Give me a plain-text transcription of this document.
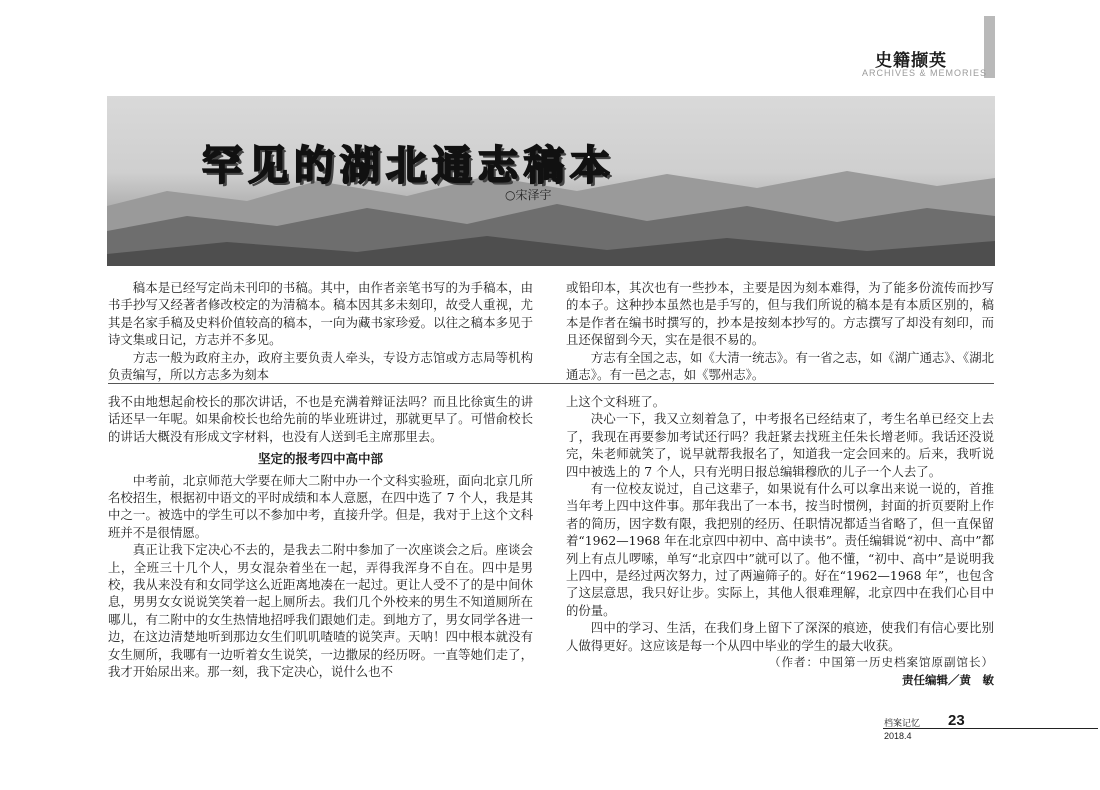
史籍撷英
ARCHIVES & MEMORIES
罕见的湖北通志稿本
○宋泽宇

稿本是已经写定尚未刊印的书稿。其中，由作者亲笔书写的为手稿本，由书手抄写又经著者修改校定的为清稿本。稿本因其多未刻印，故受人重视，尤其是名家手稿及史料价值较高的稿本，一向为藏书家珍爱。以往之稿本多见于诗文集或日记，方志并不多见。

方志一般为政府主办，政府主要负责人牵头，专设方志馆或方志局等机构负责编写，所以方志多为刻本

或铅印本，其次也有一些抄本，主要是因为刻本难得，为了能多份流传而抄写的本子。这种抄本虽然也是手写的，但与我们所说的稿本是有本质区别的，稿本是作者在编书时撰写的，抄本是按刻本抄写的。方志撰写了却没有刻印，而且还保留到今天，实在是很不易的。

方志有全国之志，如《大清一统志》。有一省之志，如《湖广通志》、《湖北通志》。有一邑之志，如《鄂州志》。

我不由地想起俞校长的那次讲话，不也是充满着辩证法吗？而且比徐寅生的讲话还早一年呢。如果俞校长也给先前的毕业班讲过，那就更早了。可惜俞校长的讲话大概没有形成文字材料，也没有人送到毛主席那里去。

坚定的报考四中高中部

中考前，北京师范大学要在师大二附中办一个文科实验班，面向北京几所名校招生，根据初中语文的平时成绩和本人意愿，在四中选了 7 个人，我是其中之一。被选中的学生可以不参加中考，直接升学。但是，我对于上这个文科班并不是很情愿。

真正让我下定决心不去的，是我去二附中参加了一次座谈会之后。座谈会上，全班三十几个人，男女混杂着坐在一起，弄得我浑身不自在。四中是男校，我从来没有和女同学这么近距离地凑在一起过。更让人受不了的是中间休息，男男女女说说笑笑着一起上厕所去。我们几个外校来的男生不知道厕所在哪儿，有二附中的女生热情地招呼我们跟她们走。到地方了，男女同学各进一边，在这边清楚地听到那边女生们叽叽喳喳的说笑声。天呐！四中根本就没有女生厕所，我哪有一边听着女生说笑，一边撒尿的经历呀。一直等她们走了，我才开始尿出来。那一刻，我下定决心，说什么也不

上这个文科班了。

决心一下，我又立刻着急了，中考报名已经结束了，考生名单已经交上去了，我现在再要参加考试还行吗？我赶紧去找班主任朱长增老师。我话还没说完，朱老师就笑了，说早就帮我报名了，知道我一定会回来的。后来，我听说四中被选上的 7 个人，只有光明日报总编辑穆欣的儿子一个人去了。

有一位校友说过，自己这辈子，如果说有什么可以拿出来说一说的，首推当年考上四中这件事。那年我出了一本书，按当时惯例，封面的折页要附上作者的简历，因字数有限，我把别的经历、任职情况都适当省略了，但一直保留着“1962—1968 年在北京四中初中、高中读书”。责任编辑说“初中、高中”都列上有点儿啰嗦，单写“北京四中”就可以了。他不懂，“初中、高中”是说明我上四中，是经过两次努力，过了两遍筛子的。好在“1962—1968 年”，也包含了这层意思，我只好让步。实际上，其他人很难理解，北京四中在我们心目中的份量。

四中的学习、生活，在我们身上留下了深深的痕迹，使我们有信心要比别人做得更好。这应该是每一个从四中毕业的学生的最大收获。

（作者：中国第一历史档案馆原副馆长）

责任编辑／黄　敏

档案记忆 23
2018.4
